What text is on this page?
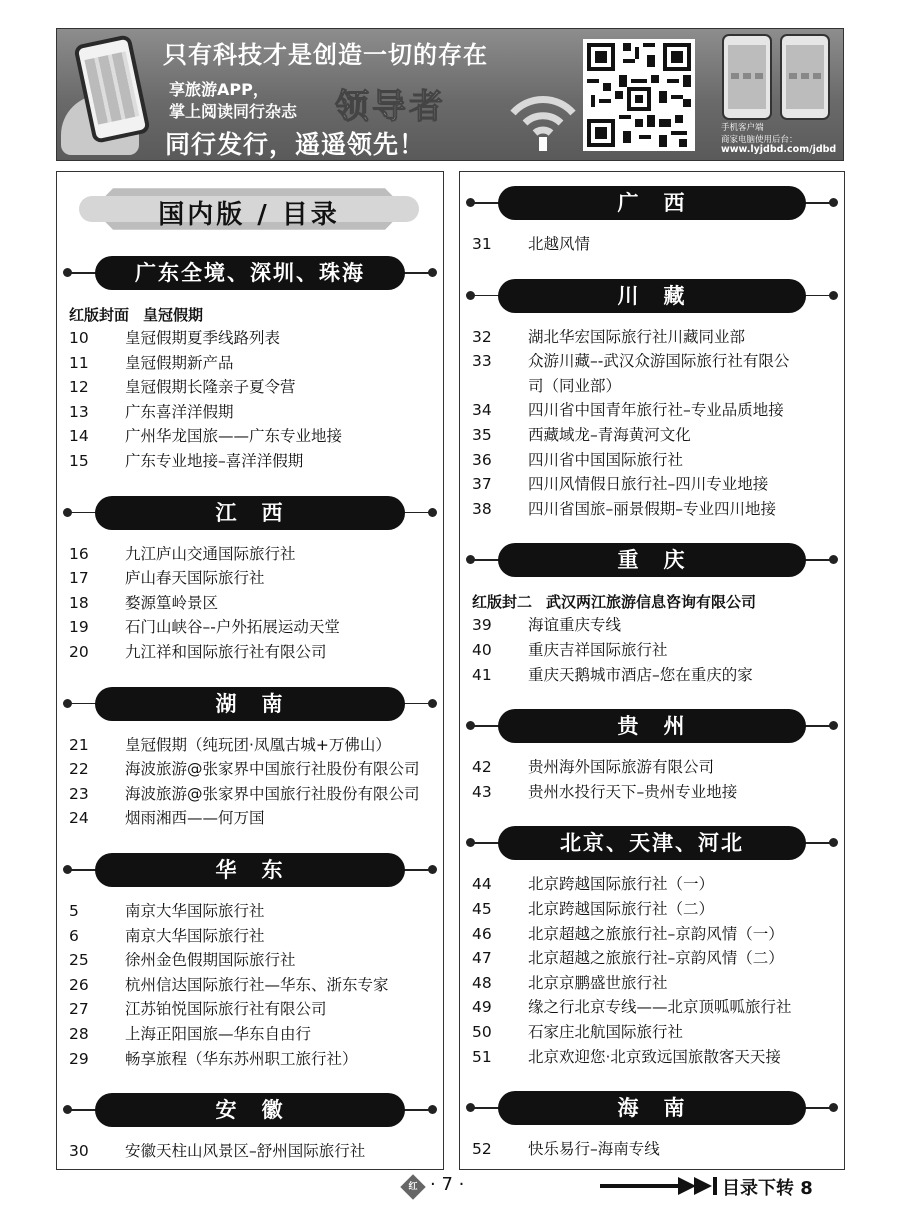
只有科技才是创造一切的存在
享旅游APP，
掌上阅读同行杂志 领导者
同行发行，遥遥领先！
手机客户端
商家电脑使用后台：
www.lyjdbd.com/jdbd
国内版 / 目录
广东全境、深圳、珠海
红版封面 皇冠假期
10	皇冠假期夏季线路列表
11	皇冠假期新产品
12	皇冠假期长隆亲子夏令营
13	广东喜洋洋假期
14	广州华龙国旅——广东专业地接
15	广东专业地接–喜洋洋假期
江　西
16	九江庐山交通国际旅行社
17	庐山春天国际旅行社
18	婺源篁岭景区
19	石门山峡谷–-户外拓展运动天堂
20	九江祥和国际旅行社有限公司
湖　南
21	皇冠假期（纯玩团·凤凰古城+万佛山）
22	海波旅游@张家界中国旅行社股份有限公司
23	海波旅游@张家界中国旅行社股份有限公司
24	烟雨湘西——何万国
华　东
5	南京大华国际旅行社
6	南京大华国际旅行社
25	徐州金色假期国际旅行社
26	杭州信达国际旅行社—华东、浙东专家
27	江苏铂悦国际旅行社有限公司
28	上海正阳国旅—华东自由行
29	畅享旅程（华东苏州职工旅行社）
安　徽
30	安徽天柱山风景区–舒州国际旅行社
广　西
31	北越风情
川　藏
32	湖北华宏国际旅行社川藏同业部
33	众游川藏–-武汉众游国际旅行社有限公
司（同业部）
34	四川省中国青年旅行社–专业品质地接
35	西藏域龙–青海黄河文化
36	四川省中国国际旅行社
37	四川风情假日旅行社–四川专业地接
38	四川省国旅–丽景假期–专业四川地接
重　庆
红版封二 武汉两江旅游信息咨询有限公司
39	海谊重庆专线
40	重庆吉祥国际旅行社
41	重庆天鹅城市酒店–您在重庆的家
贵　州
42	贵州海外国际旅游有限公司
43	贵州水投行天下–贵州专业地接
北京、天津、河北
44	北京跨越国际旅行社（一）
45	北京跨越国际旅行社（二）
46	北京超越之旅旅行社–京韵风情（一）
47	北京超越之旅旅行社–京韵风情（二）
48	北京京鹏盛世旅行社
49	缘之行北京专线——北京顶呱呱旅行社
50	石家庄北航国际旅行社
51	北京欢迎您·北京致远国旅散客天天接
海　南
52	快乐易行–海南专线
红 · 7 ·	目录下转 8
